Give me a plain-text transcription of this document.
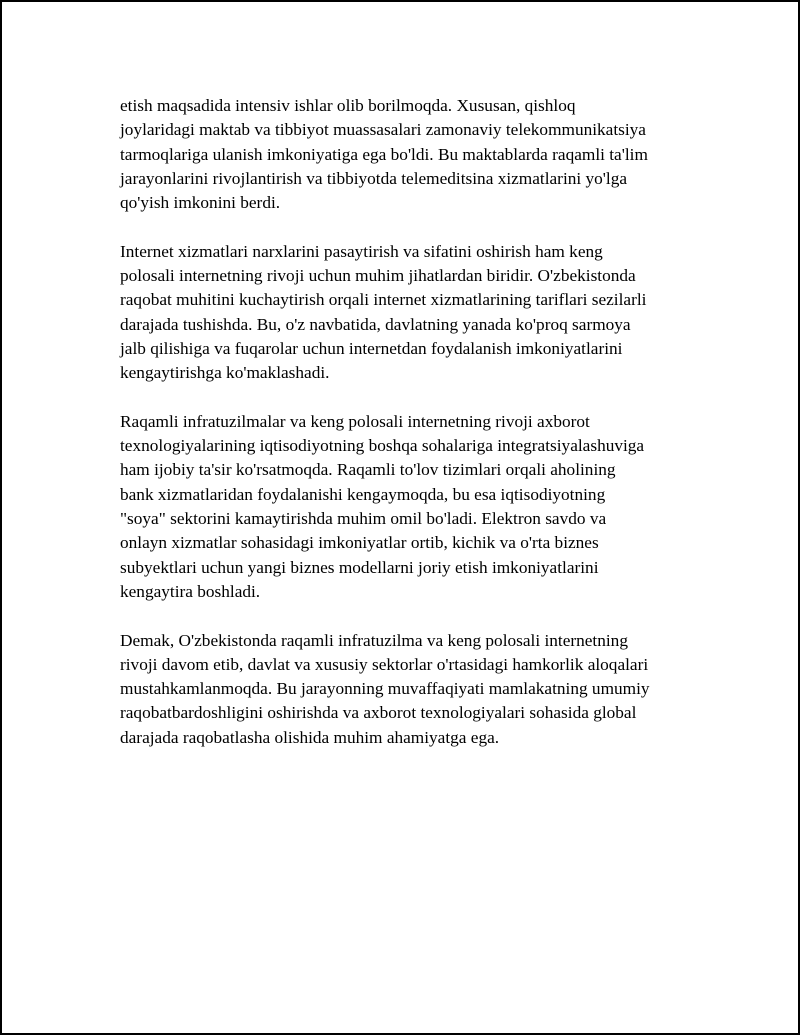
etish maqsadida intensiv ishlar olib borilmoqda. Xususan, qishloq
joylaridagi maktab va tibbiyot muassasalari zamonaviy telekommunikatsiya
tarmoqlariga ulanish imkoniyatiga ega bo'ldi. Bu maktablarda raqamli ta'lim
jarayonlarini rivojlantirish va tibbiyotda telemeditsina xizmatlarini yo'lga
qo'yish imkonini berdi.

Internet xizmatlari narxlarini pasaytirish va sifatini oshirish ham keng
polosali internetning rivoji uchun muhim jihatlardan biridir. O'zbekistonda
raqobat muhitini kuchaytirish orqali internet xizmatlarining tariflari sezilarli
darajada tushishda. Bu, o'z navbatida, davlatning yanada ko'proq sarmoya
jalb qilishiga va fuqarolar uchun internetdan foydalanish imkoniyatlarini
kengaytirishga ko'maklashadi.

Raqamli infratuzilmalar va keng polosali internetning rivoji axborot
texnologiyalarining iqtisodiyotning boshqa sohalariga integratsiyalashuviga
ham ijobiy ta'sir ko'rsatmoqda. Raqamli to'lov tizimlari orqali aholining
bank xizmatlaridan foydalanishi kengaymoqda, bu esa iqtisodiyotning
"soya" sektorini kamaytirishda muhim omil bo'ladi. Elektron savdo va
onlayn xizmatlar sohasidagi imkoniyatlar ortib, kichik va o'rta biznes
subyektlari uchun yangi biznes modellarni joriy etish imkoniyatlarini
kengaytira boshladi.

Demak, O'zbekistonda raqamli infratuzilma va keng polosali internetning
rivoji davom etib, davlat va xususiy sektorlar o'rtasidagi hamkorlik aloqalari
mustahkamlanmoqda. Bu jarayonning muvaffaqiyati mamlakatning umumiy
raqobatbardoshligini oshirishda va axborot texnologiyalari sohasida global
darajada raqobatlasha olishida muhim ahamiyatga ega.
